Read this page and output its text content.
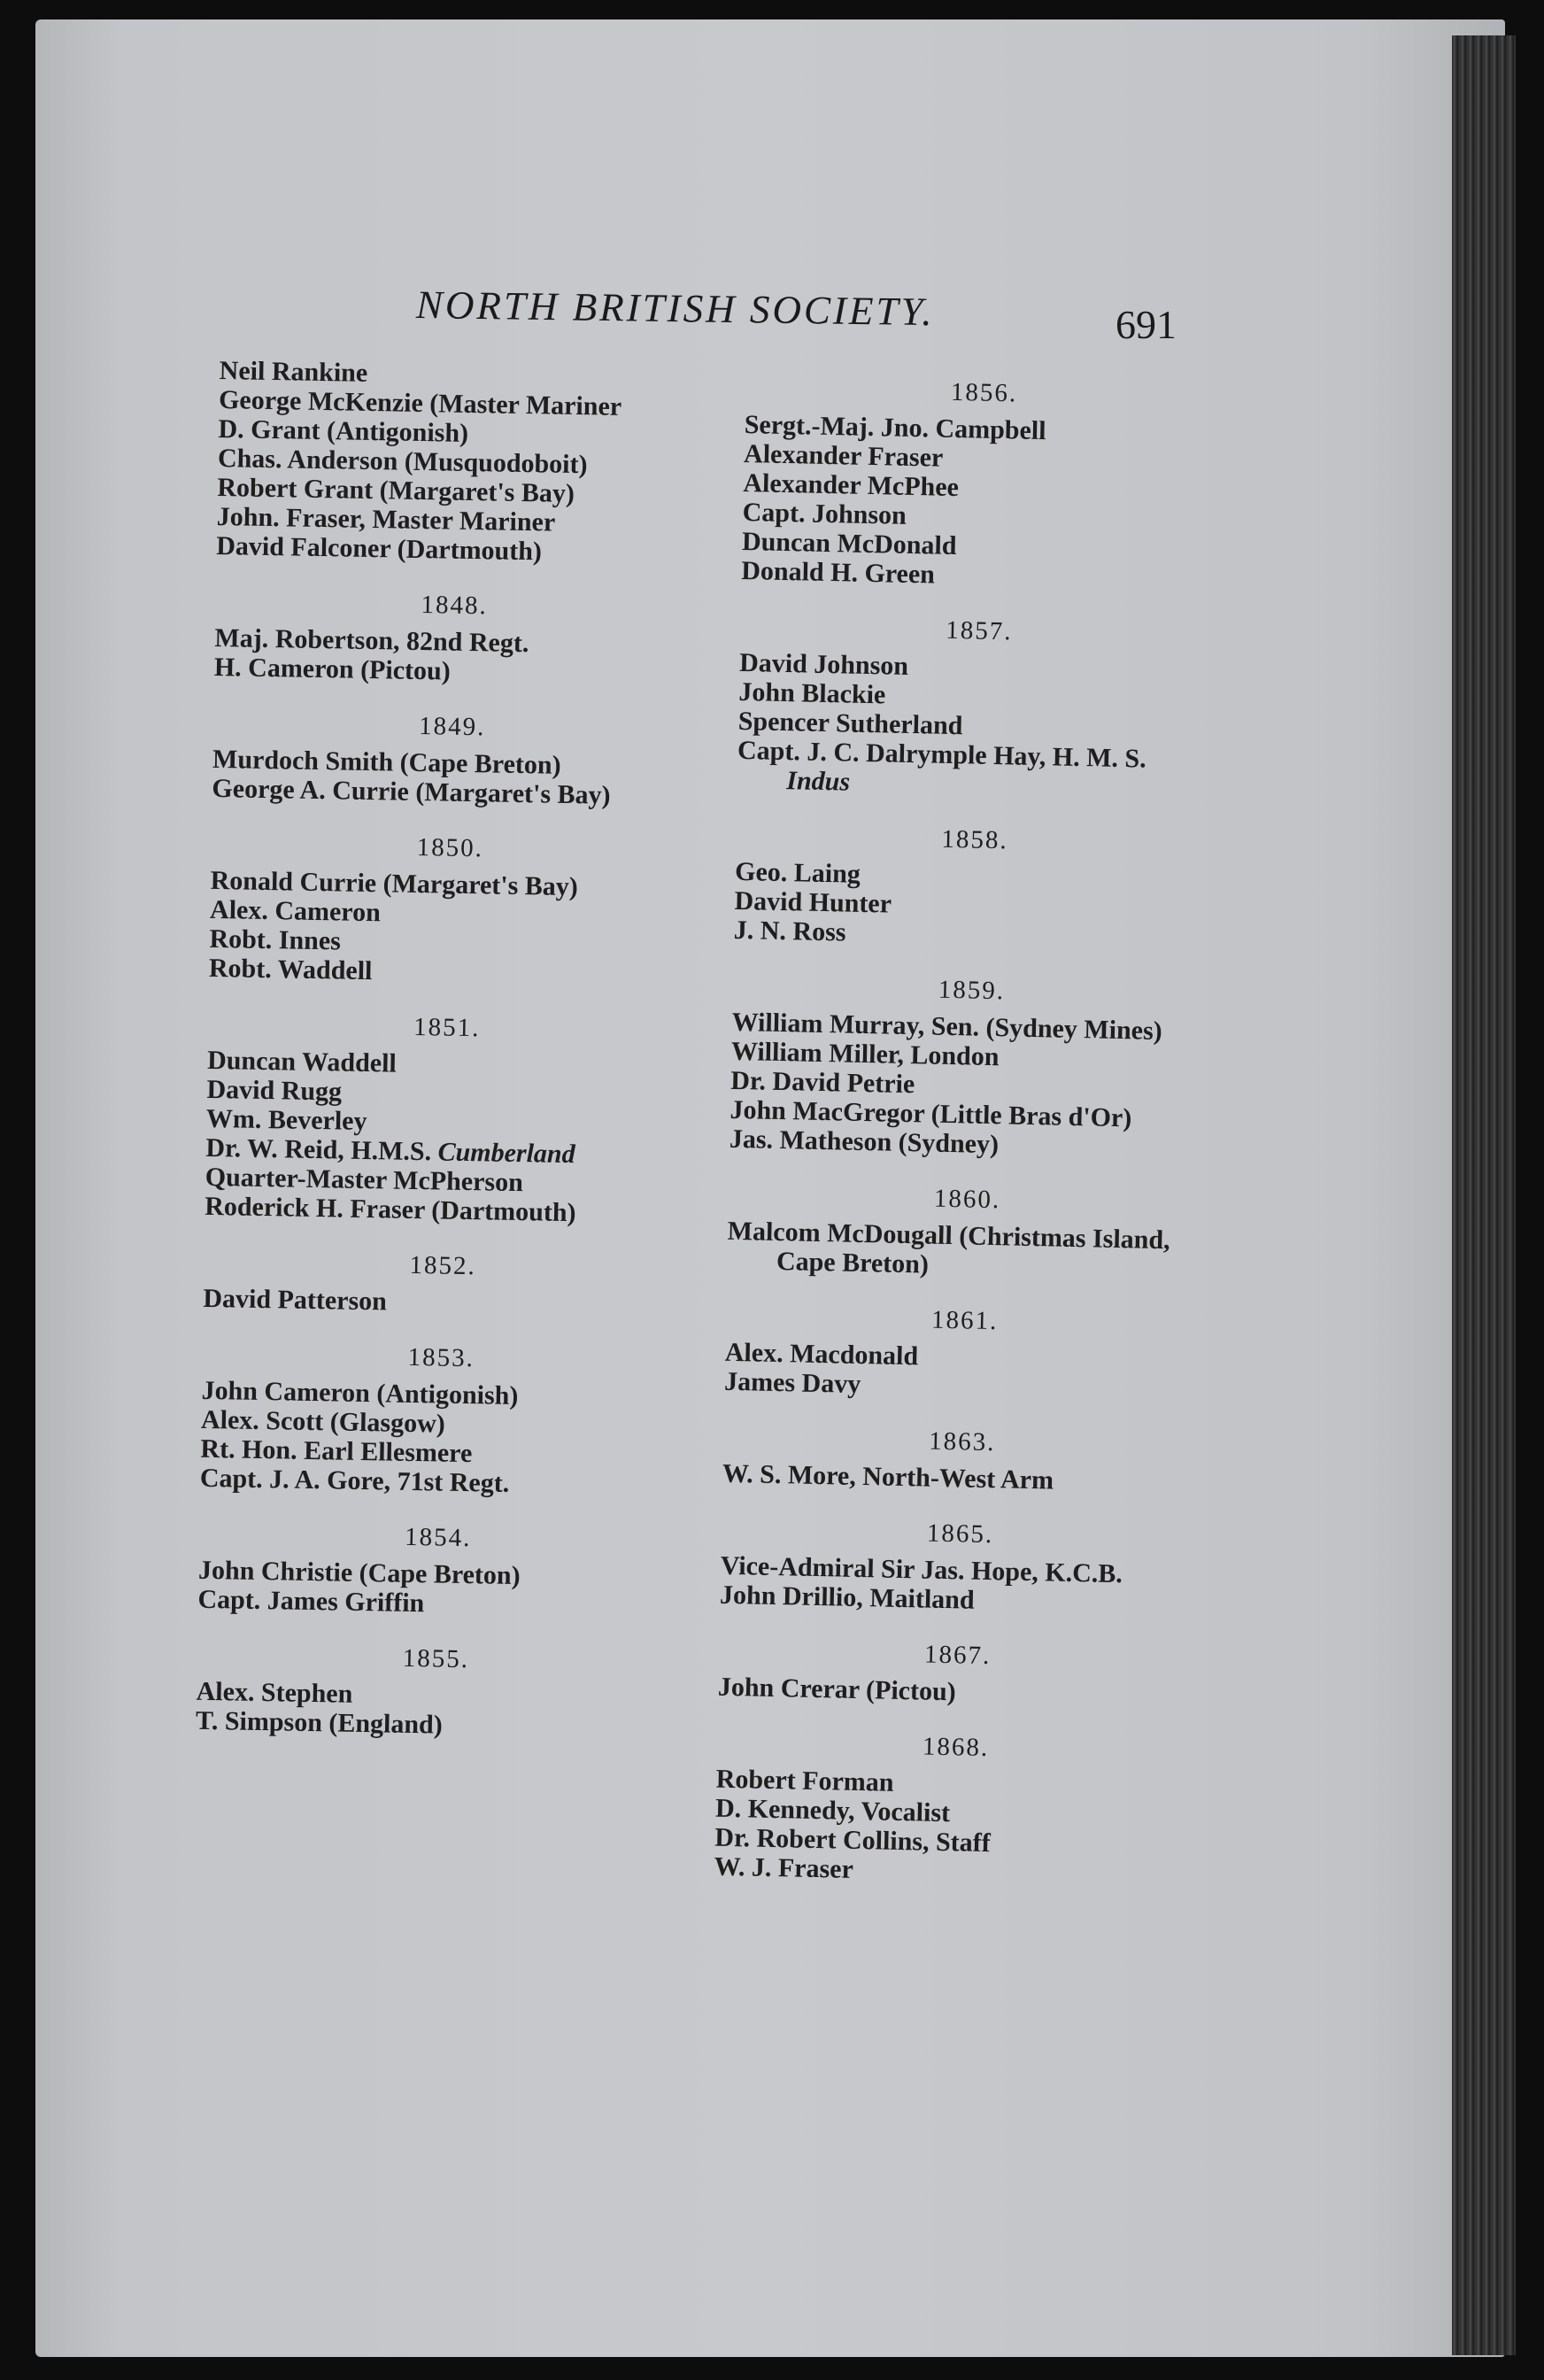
NORTH BRITISH SOCIETY.	691
Neil Rankine
George McKenzie (Master Mariner
D. Grant (Antigonish)
Chas. Anderson (Musquodoboit)
Robert Grant (Margaret's Bay)
John. Fraser, Master Mariner
David Falconer (Dartmouth)
1848.
Maj. Robertson, 82nd Regt.
H. Cameron (Pictou)
1849.
Murdoch Smith (Cape Breton)
George A. Currie (Margaret's Bay)
1850.
Ronald Currie (Margaret's Bay)
Alex. Cameron
Robt. Innes
Robt. Waddell
1851.
Duncan Waddell
David Rugg
Wm. Beverley
Dr. W. Reid, H.M.S. Cumberland
Quarter-Master McPherson
Roderick H. Fraser (Dartmouth)
1852.
David Patterson
1853.
John Cameron (Antigonish)
Alex. Scott (Glasgow)
Rt. Hon. Earl Ellesmere
Capt. J. A. Gore, 71st Regt.
1854.
John Christie (Cape Breton)
Capt. James Griffin
1855.
Alex. Stephen
T. Simpson (England)
1856.
Sergt.-Maj. Jno. Campbell
Alexander Fraser
Alexander McPhee
Capt. Johnson
Duncan McDonald
Donald H. Green
1857.
David Johnson
John Blackie
Spencer Sutherland
Capt. J. C. Dalrymple Hay, H. M. S. Indus
1858.
Geo. Laing
David Hunter
J. N. Ross
1859.
William Murray, Sen. (Sydney Mines)
William Miller, London
Dr. David Petrie
John MacGregor (Little Bras d'Or)
Jas. Matheson (Sydney)
1860.
Malcom McDougall (Christmas Island, Cape Breton)
1861.
Alex. Macdonald
James Davy
1863.
W. S. More, North-West Arm
1865.
Vice-Admiral Sir Jas. Hope, K.C.B.
John Drillio, Maitland
1867.
John Crerar (Pictou)
1868.
Robert Forman
D. Kennedy, Vocalist
Dr. Robert Collins, Staff
W. J. Fraser
